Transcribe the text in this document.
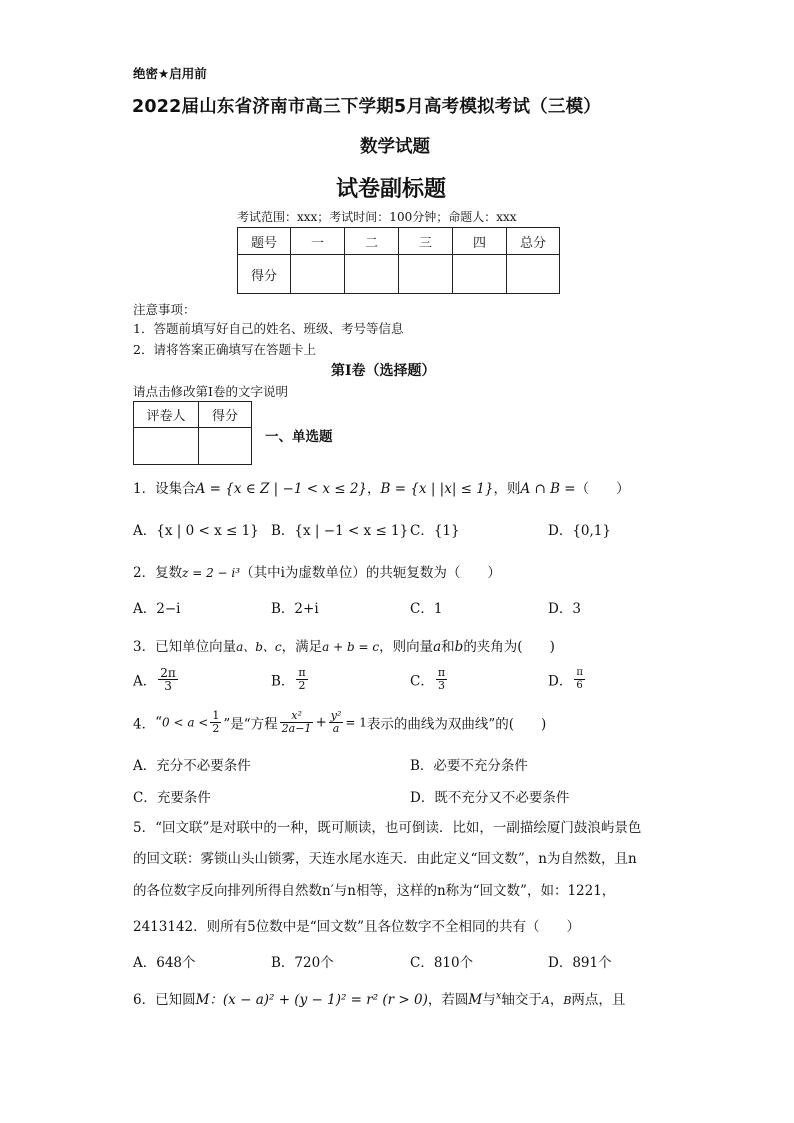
绝密★启用前
2022届山东省济南市高三下学期5月高考模拟考试（三模）
数学试题
试卷副标题
考试范围：xxx；考试时间：100分钟；命题人：xxx
题号	一	二	三	四	总分
得分					
注意事项：
1．答题前填写好自己的姓名、班级、考号等信息
2．请将答案正确填写在答题卡上
第I卷（选择题）
请点击修改第I卷的文字说明
评卷人	得分

一、单选题
1．设集合A = {x ∈ Z | −1 < x ≤ 2}，B = {x | |x| ≤ 1}，则A ∩ B =（　　）
A．{x | 0 < x ≤ 1} B．{x | −1 < x ≤ 1} C．{1}	D．{0,1}
2．复数z = 2 − i³（其中i为虚数单位）的共轭复数为（　　）
A．2−i	B．2+i	C．1	D．3
3．已知单位向量a、b、c，满足a + b = c，则向量a和b的夹角为(　　)
A． $\frac{2\pi}{3}$	B． $\frac{\pi}{2}$	C． $\frac{\pi}{3}$	D． $\frac{\pi}{6}$
4．“$0 < a < \frac{1}{2}$ ”是“方程 $\frac{\text{x²}}{2a-1} + \frac{\text{y²}}{a} = 1$表示的曲线为双曲线”的(　　)
A．充分不必要条件	B．必要不充分条件
C．充要条件	D．既不充分又不必要条件
5．“回文联”是对联中的一种，既可顺读，也可倒读．比如，一副描绘厦门鼓浪屿景色
的回文联：雾锁山头山锁雾，天连水尾水连天．由此定义“回文数”，n为自然数，且n
的各位数字反向排列所得自然数n′与n相等，这样的n称为“回文数”，如：1221，
2413142．则所有5位数中是“回文数”且各位数字不全相同的共有（　　）
A．648个	B．720个	C．810个	D．891个
6．已知圆M：(x − a)² + (y − 1)² = r² (r > 0)，若圆M与$^x$轴交于A，B两点，且
